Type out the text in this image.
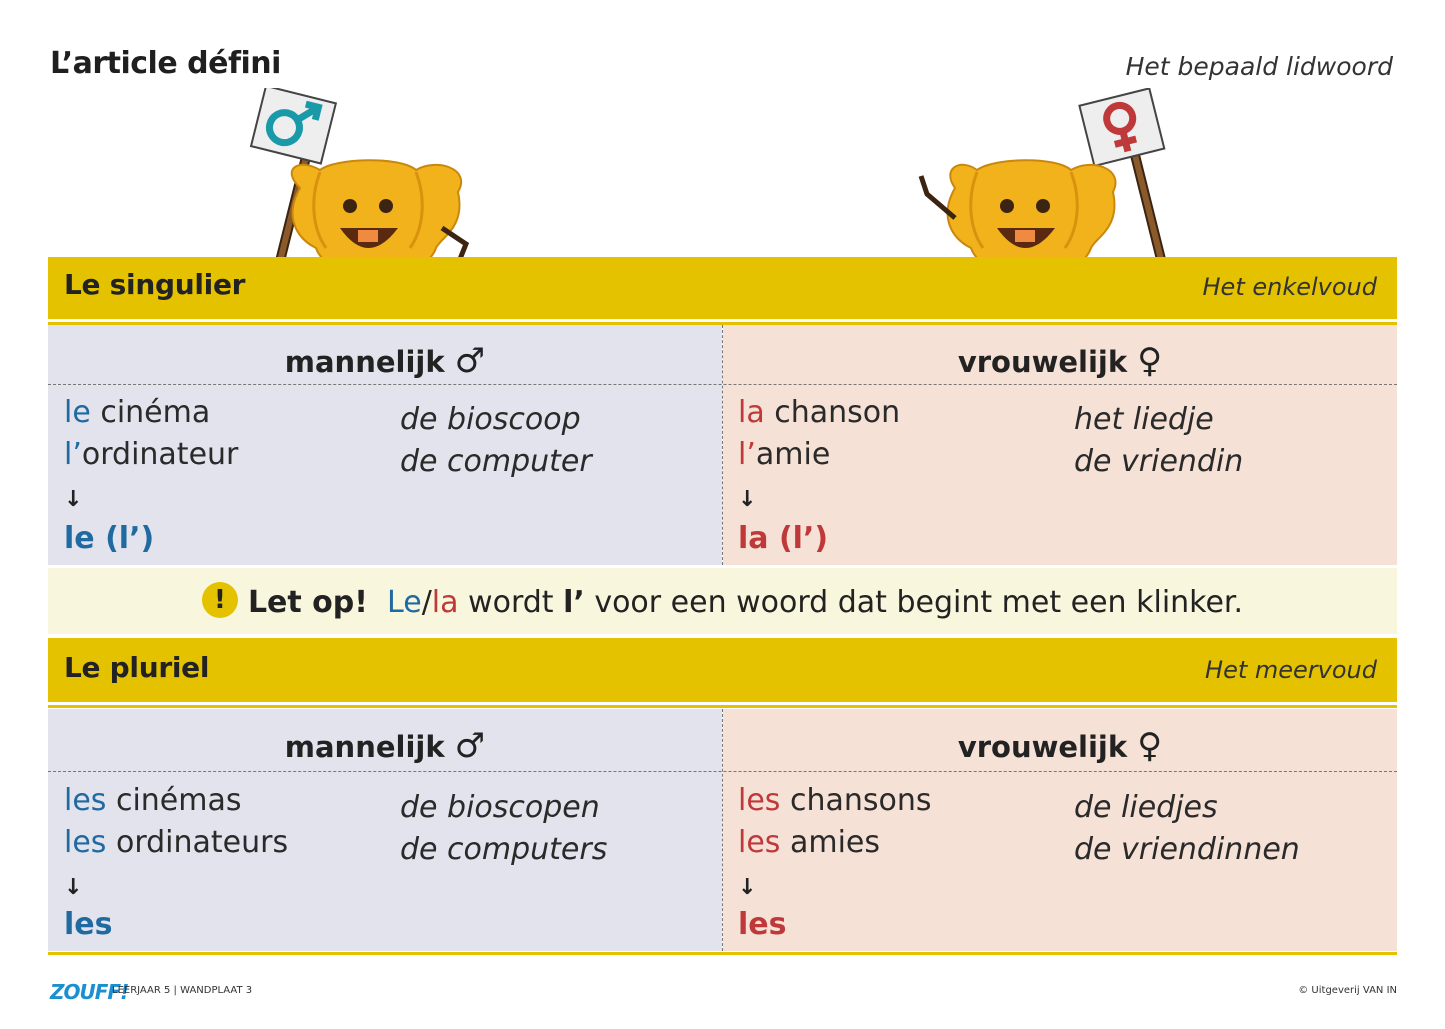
L’article défini	Het bepaald lidwoord
Le singulier	Het enkelvoud
mannelijk ♂
le cinéma	de bioscoop
l’ordinateur	de computer
↓
le (l’)
vrouwelijk ♀
la chanson	het liedje
l’amie	de vriendin
↓
la (l’)
! Let op! Le/la wordt l’ voor een woord dat begint met een klinker.
Le pluriel	Het meervoud
mannelijk ♂
les cinémas	de bioscopen
les ordinateurs	de computers
↓
les
vrouwelijk ♀
les chansons	de liedjes
les amies	de vriendinnen
↓
les
ZOUFF!
LEERJAAR 5 | WANDPLAAT 3	© Uitgeverij VAN IN
